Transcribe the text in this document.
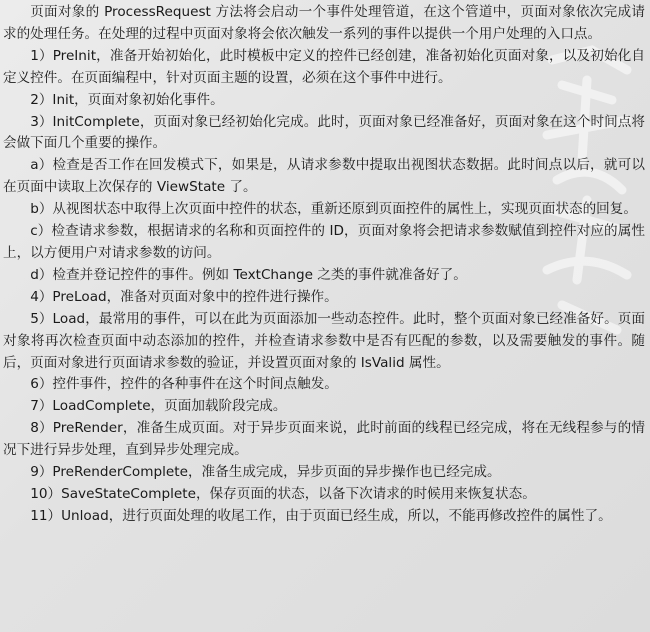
页面对象的 ProcessRequest 方法将会启动一个事件处理管道，在这个管道中，页面对象依次完成请求的处理任务。在处理的过程中页面对象将会依次触发一系列的事件以提供一个用户处理的入口点。

1）PreInit，准备开始初始化，此时模板中定义的控件已经创建，准备初始化页面对象，以及初始化自定义控件。在页面编程中，针对页面主题的设置，必须在这个事件中进行。

2）Init，页面对象初始化事件。

3）InitComplete，页面对象已经初始化完成。此时，页面对象已经准备好，页面对象在这个时间点将会做下面几个重要的操作。

a）检查是否工作在回发模式下，如果是，从请求参数中提取出视图状态数据。此时间点以后，就可以在页面中读取上次保存的 ViewState 了。

b）从视图状态中取得上次页面中控件的状态，重新还原到页面控件的属性上，实现页面状态的回复。

c）检查请求参数，根据请求的名称和页面控件的 ID，页面对象将会把请求参数赋值到控件对应的属性上，以方便用户对请求参数的访问。

d）检查并登记控件的事件。例如 TextChange 之类的事件就准备好了。

4）PreLoad，准备对页面对象中的控件进行操作。

5）Load，最常用的事件，可以在此为页面添加一些动态控件。此时，整个页面对象已经准备好。页面对象将再次检查页面中动态添加的控件，并检查请求参数中是否有匹配的参数，以及需要触发的事件。随后，页面对象进行页面请求参数的验证，并设置页面对象的 IsValid 属性。

6）控件事件，控件的各种事件在这个时间点触发。

7）LoadComplete，页面加载阶段完成。

8）PreRender，准备生成页面。对于异步页面来说，此时前面的线程已经完成，将在无线程参与的情况下进行异步处理，直到异步处理完成。

9）PreRenderComplete，准备生成完成，异步页面的异步操作也已经完成。

10）SaveStateComplete，保存页面的状态，以备下次请求的时候用来恢复状态。

11）Unload，进行页面处理的收尾工作，由于页面已经生成，所以，不能再修改控件的属性了。
